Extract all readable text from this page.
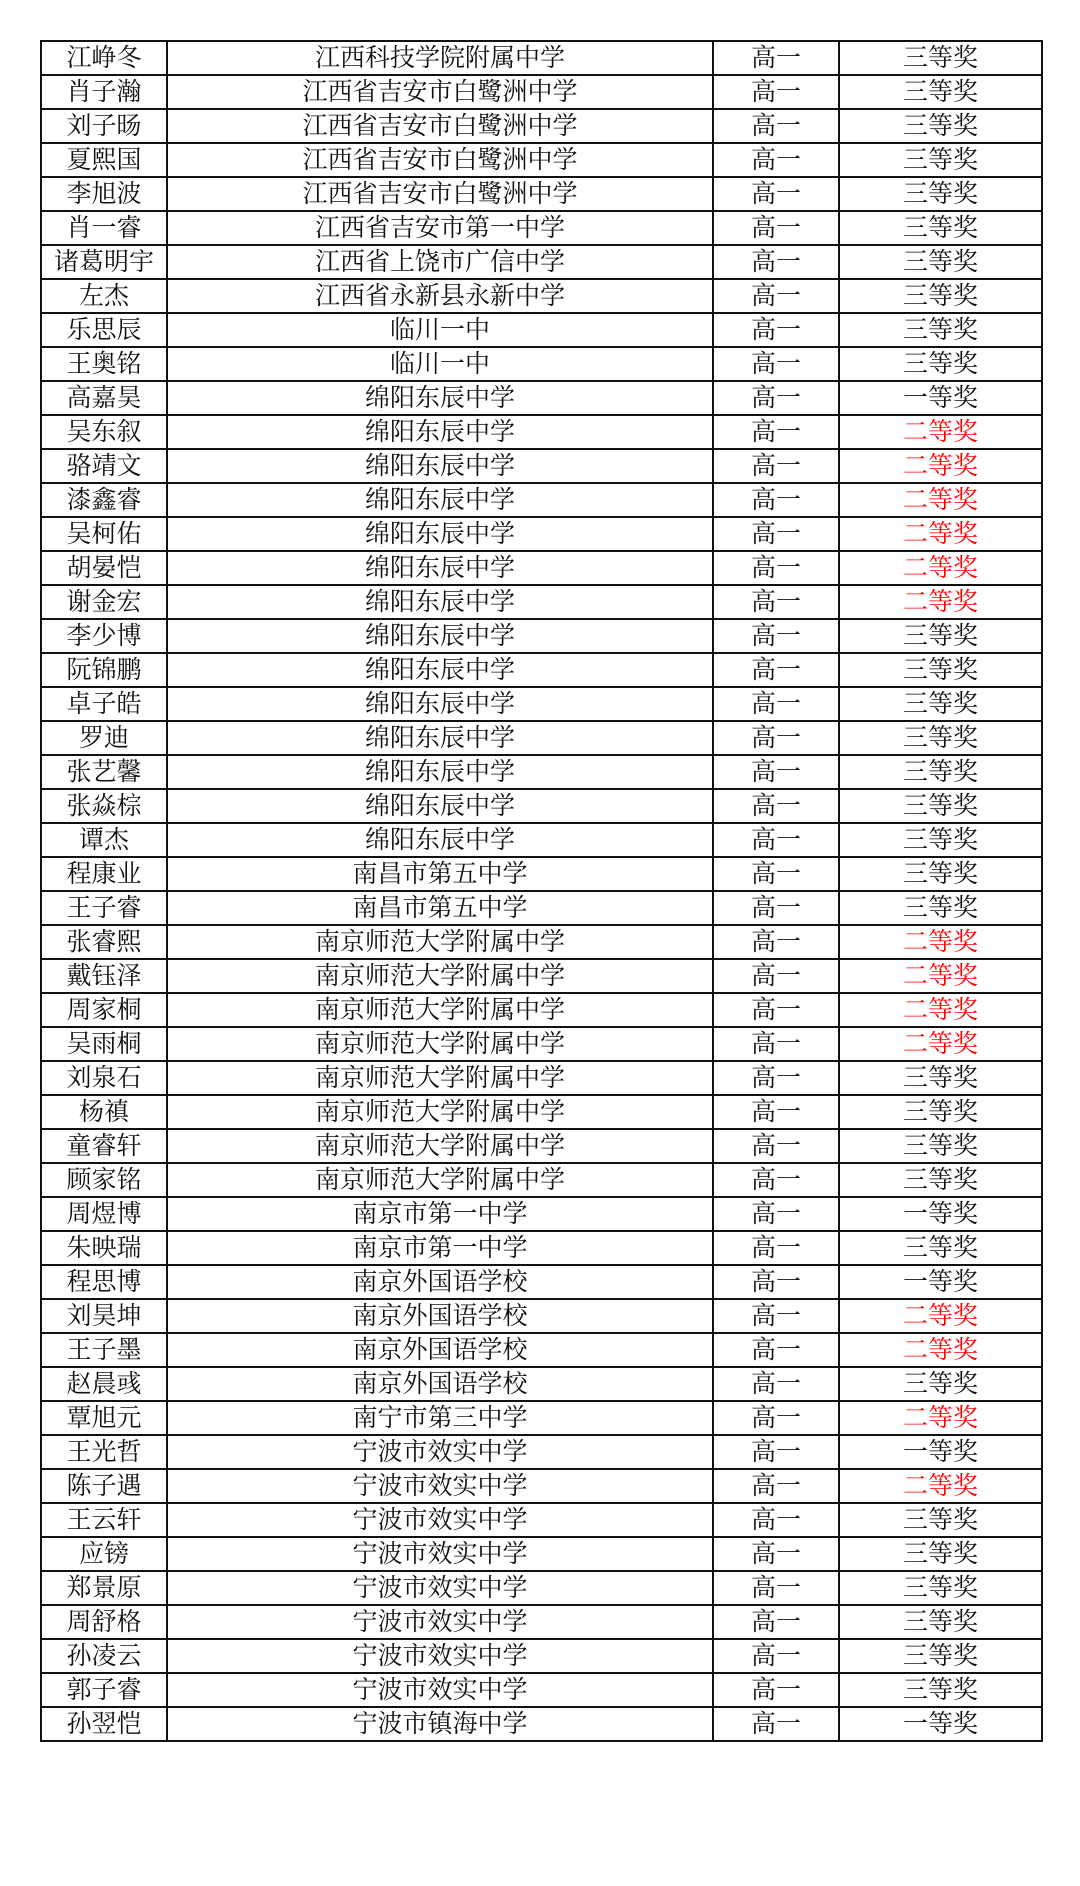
江峥冬	江西科技学院附属中学	高一	三等奖
肖子瀚	江西省吉安市白鹭洲中学	高一	三等奖
刘子旸	江西省吉安市白鹭洲中学	高一	三等奖
夏熙国	江西省吉安市白鹭洲中学	高一	三等奖
李旭波	江西省吉安市白鹭洲中学	高一	三等奖
肖一睿	江西省吉安市第一中学	高一	三等奖
诸葛明宇	江西省上饶市广信中学	高一	三等奖
左杰	江西省永新县永新中学	高一	三等奖
乐思辰	临川一中	高一	三等奖
王奥铭	临川一中	高一	三等奖
高嘉昊	绵阳东辰中学	高一	一等奖
吴东叙	绵阳东辰中学	高一	二等奖
骆靖文	绵阳东辰中学	高一	二等奖
漆鑫睿	绵阳东辰中学	高一	二等奖
吴柯佑	绵阳东辰中学	高一	二等奖
胡晏恺	绵阳东辰中学	高一	二等奖
谢金宏	绵阳东辰中学	高一	二等奖
李少博	绵阳东辰中学	高一	三等奖
阮锦鹏	绵阳东辰中学	高一	三等奖
卓子皓	绵阳东辰中学	高一	三等奖
罗迪	绵阳东辰中学	高一	三等奖
张艺馨	绵阳东辰中学	高一	三等奖
张焱棕	绵阳东辰中学	高一	三等奖
谭杰	绵阳东辰中学	高一	三等奖
程康业	南昌市第五中学	高一	三等奖
王子睿	南昌市第五中学	高一	三等奖
张睿熙	南京师范大学附属中学	高一	二等奖
戴钰泽	南京师范大学附属中学	高一	二等奖
周家桐	南京师范大学附属中学	高一	二等奖
吴雨桐	南京师范大学附属中学	高一	二等奖
刘泉石	南京师范大学附属中学	高一	三等奖
杨禛	南京师范大学附属中学	高一	三等奖
童睿轩	南京师范大学附属中学	高一	三等奖
顾家铭	南京师范大学附属中学	高一	三等奖
周煜博	南京市第一中学	高一	一等奖
朱映瑞	南京市第一中学	高一	三等奖
程思博	南京外国语学校	高一	一等奖
刘昊坤	南京外国语学校	高一	二等奖
王子墨	南京外国语学校	高一	二等奖
赵晨彧	南京外国语学校	高一	三等奖
覃旭元	南宁市第三中学	高一	二等奖
王光哲	宁波市效实中学	高一	一等奖
陈子遇	宁波市效实中学	高一	二等奖
王云轩	宁波市效实中学	高一	三等奖
应镑	宁波市效实中学	高一	三等奖
郑景原	宁波市效实中学	高一	三等奖
周舒格	宁波市效实中学	高一	三等奖
孙凌云	宁波市效实中学	高一	三等奖
郭子睿	宁波市效实中学	高一	三等奖
孙翌恺	宁波市镇海中学	高一	一等奖
